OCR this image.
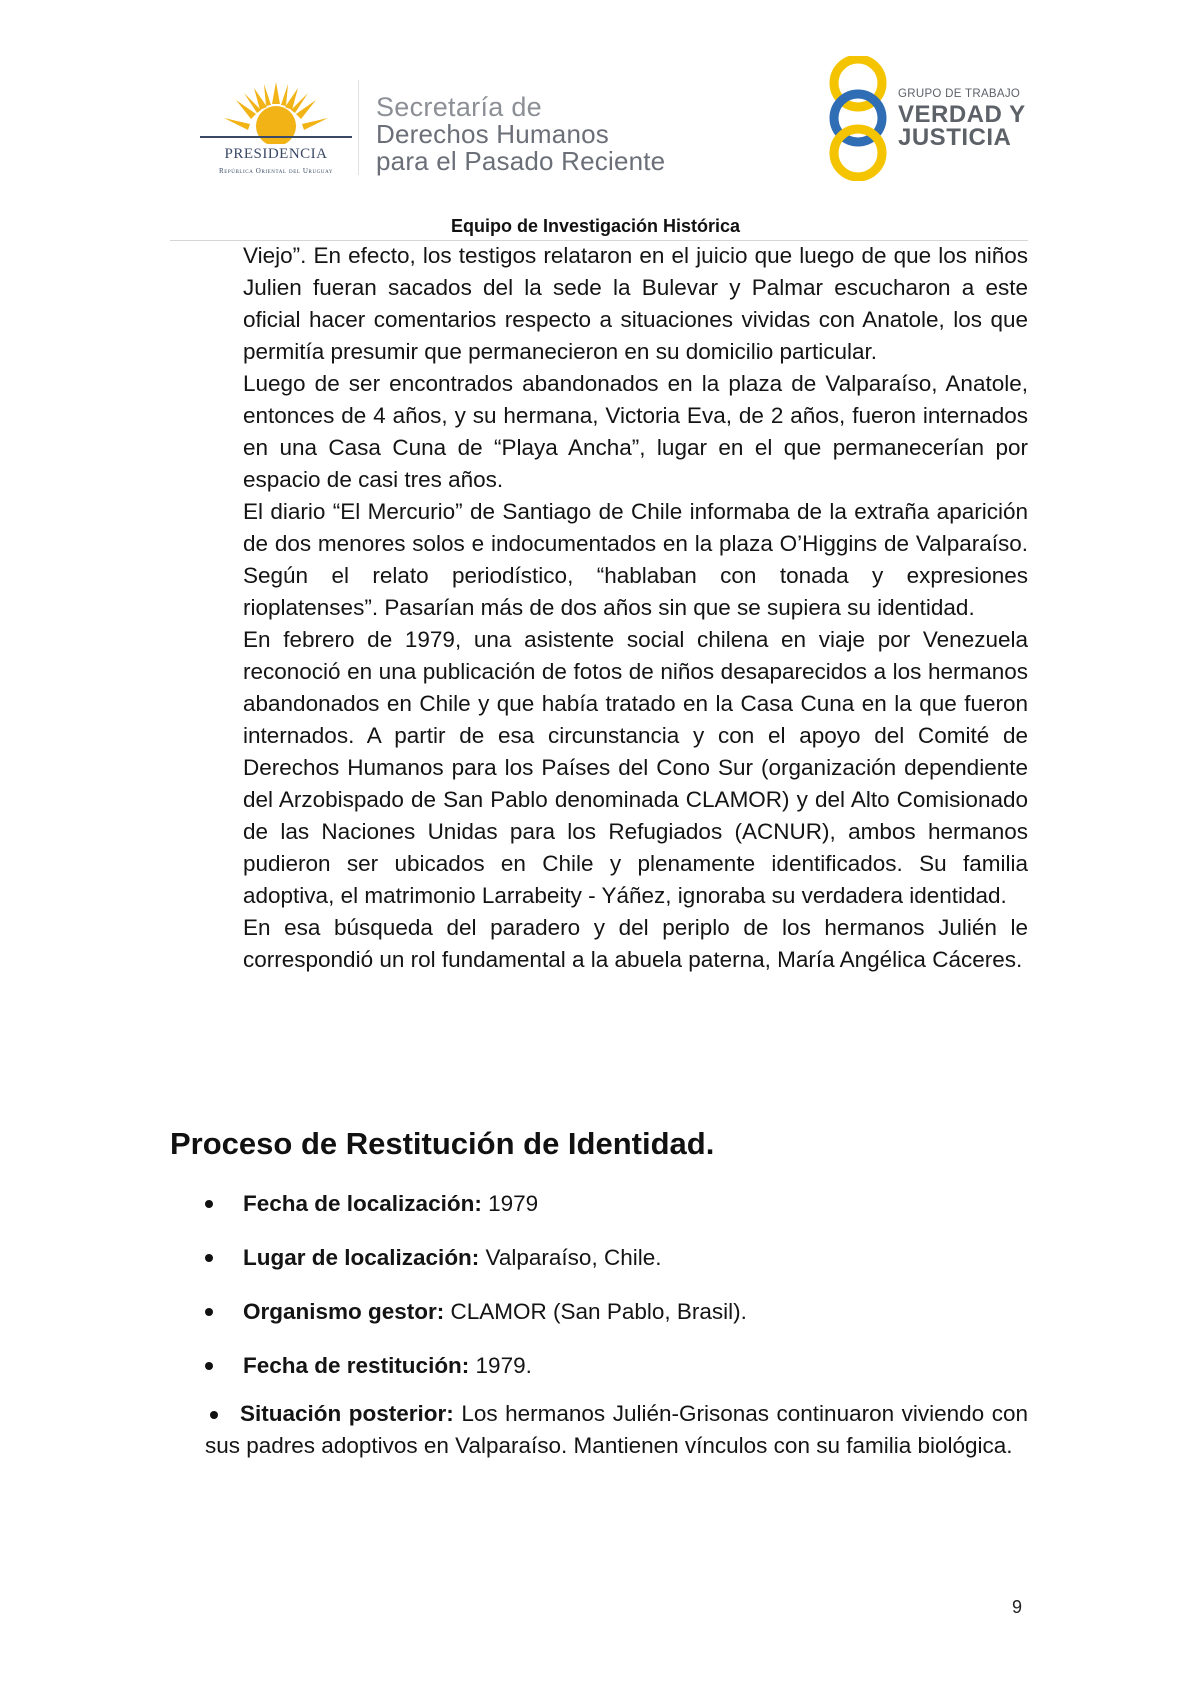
PRESIDENCIA
República Oriental del Uruguay
Secretaría de
Derechos Humanos
para el Pasado Reciente
GRUPO DE TRABAJO
VERDAD Y
JUSTICIA
Equipo de Investigación Histórica

Viejo”. En efecto, los testigos relataron en el juicio que luego de que los niños Julien fueran sacados del la sede la Bulevar y Palmar escucharon a este oficial hacer comentarios respecto a situaciones vividas con Anatole, los que permitía presumir que permanecieron en su domicilio particular.

Luego de ser encontrados abandonados en la plaza de Valparaíso, Anatole, entonces de 4 años, y su hermana, Victoria Eva, de 2 años, fueron internados en una Casa Cuna de “Playa Ancha”, lugar en el que permanecerían por espacio de casi tres años.

El diario “El Mercurio” de Santiago de Chile informaba de la extraña aparición de dos menores solos e indocumentados en la plaza O’Higgins de Valparaíso. Según el relato periodístico, “hablaban con tonada y expresiones rioplatenses”. Pasarían más de dos años sin que se supiera su identidad.

En febrero de 1979, una asistente social chilena en viaje por Venezuela reconoció en una publicación de fotos de niños desaparecidos a los hermanos abandonados en Chile y que había tratado en la Casa Cuna en la que fueron internados. A partir de esa circunstancia y con el apoyo del Comité de Derechos Humanos para los Países del Cono Sur (organización dependiente del Arzobispado de San Pablo denominada CLAMOR) y del Alto Comisionado de las Naciones Unidas para los Refugiados (ACNUR), ambos hermanos pudieron ser ubicados en Chile y plenamente identificados. Su familia adoptiva, el matrimonio Larrabeity - Yáñez, ignoraba su verdadera identidad.

En esa búsqueda del paradero y del periplo de los hermanos Julién le correspondió un rol fundamental a la abuela paterna, María Angélica Cáceres.

Proceso de Restitución de Identidad.
Fecha de localización: 1979
Lugar de localización: Valparaíso, Chile.
Organismo gestor: CLAMOR (San Pablo, Brasil).
Fecha de restitución: 1979.
Situación posterior: Los hermanos Julién-Grisonas continuaron viviendo con sus padres adoptivos en Valparaíso. Mantienen vínculos con su familia biológica.
9
